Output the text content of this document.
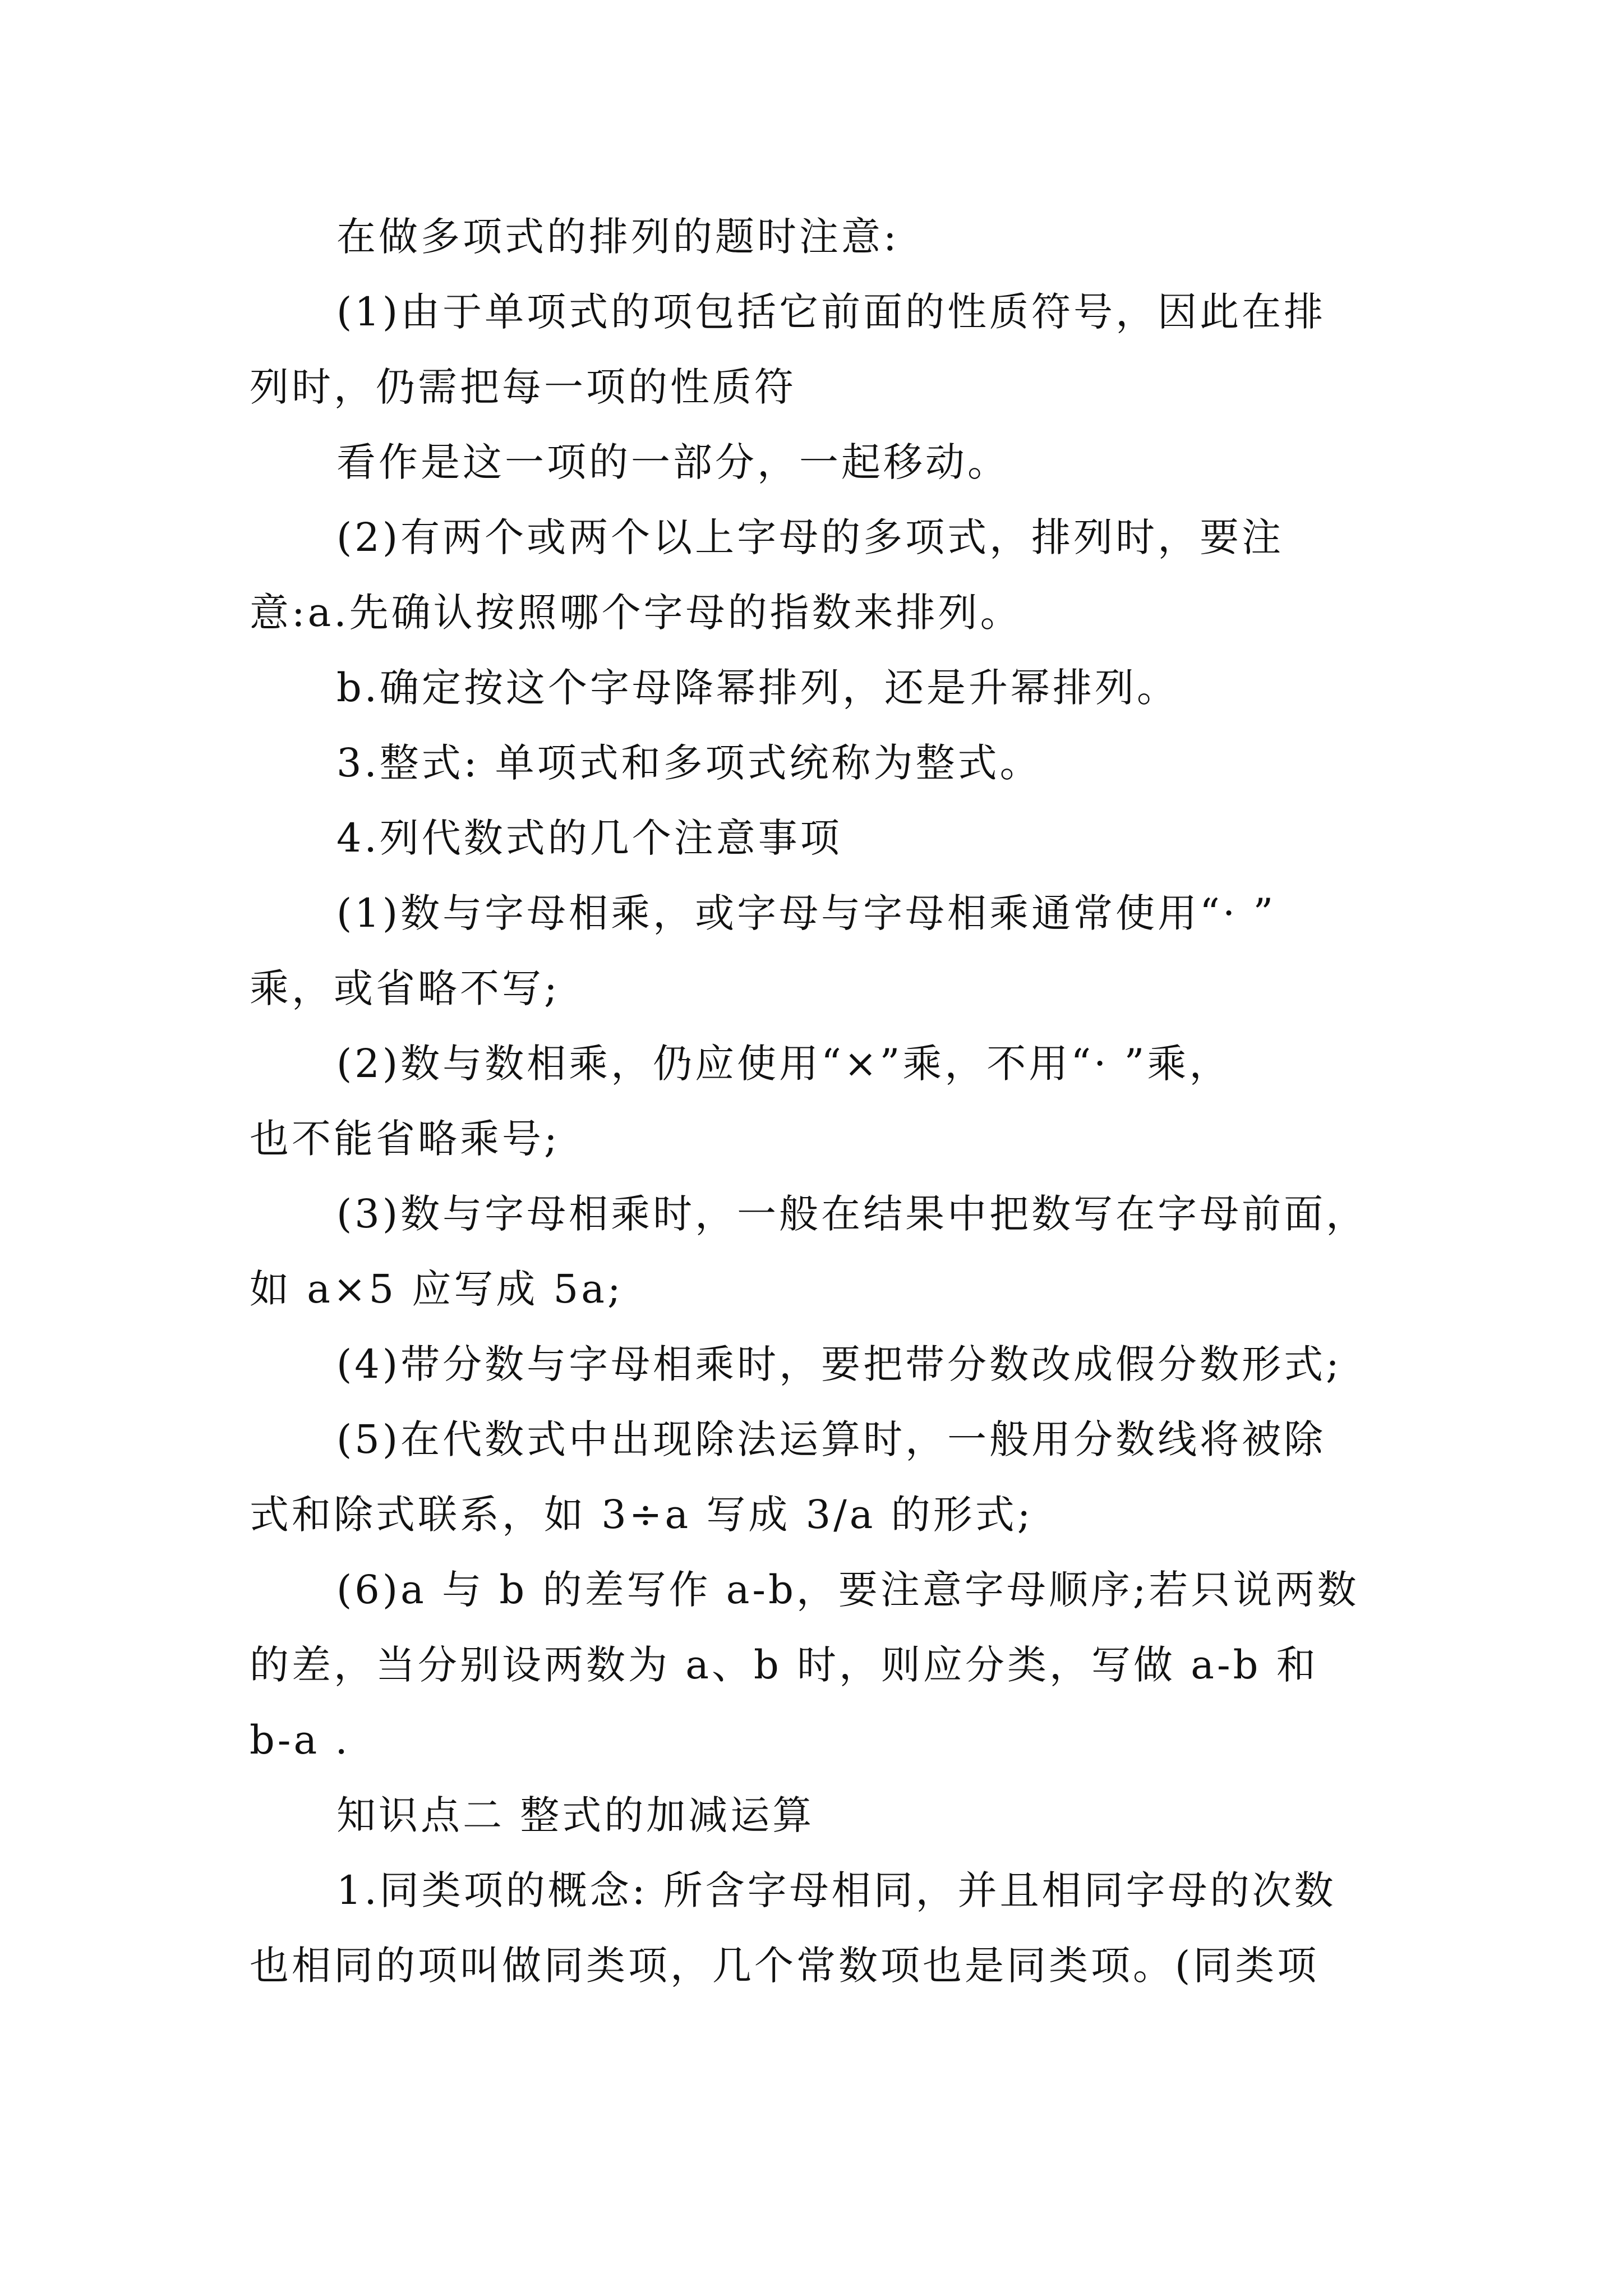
在做多项式的排列的题时注意:

(1)由于单项式的项包括它前面的性质符号，因此在排

列时，仍需把每一项的性质符

看作是这一项的一部分，一起移动。

(2)有两个或两个以上字母的多项式，排列时，要注

意:a.先确认按照哪个字母的指数来排列。

b.确定按这个字母降幂排列，还是升幂排列。

3.整式: 单项式和多项式统称为整式。

4.列代数式的几个注意事项

(1)数与字母相乘，或字母与字母相乘通常使用“· ”

乘，或省略不写;

(2)数与数相乘，仍应使用“×”乘，不用“· ”乘，

也不能省略乘号;

(3)数与字母相乘时，一般在结果中把数写在字母前面，

如 a×5 应写成 5a;

(4)带分数与字母相乘时，要把带分数改成假分数形式;

(5)在代数式中出现除法运算时，一般用分数线将被除

式和除式联系，如 3÷a 写成 3/a 的形式;

(6)a 与 b 的差写作 a-b，要注意字母顺序;若只说两数

的差，当分别设两数为 a、b 时，则应分类，写做 a-b 和

b-a .

知识点二 整式的加减运算

1.同类项的概念: 所含字母相同，并且相同字母的次数

也相同的项叫做同类项，几个常数项也是同类项。(同类项
